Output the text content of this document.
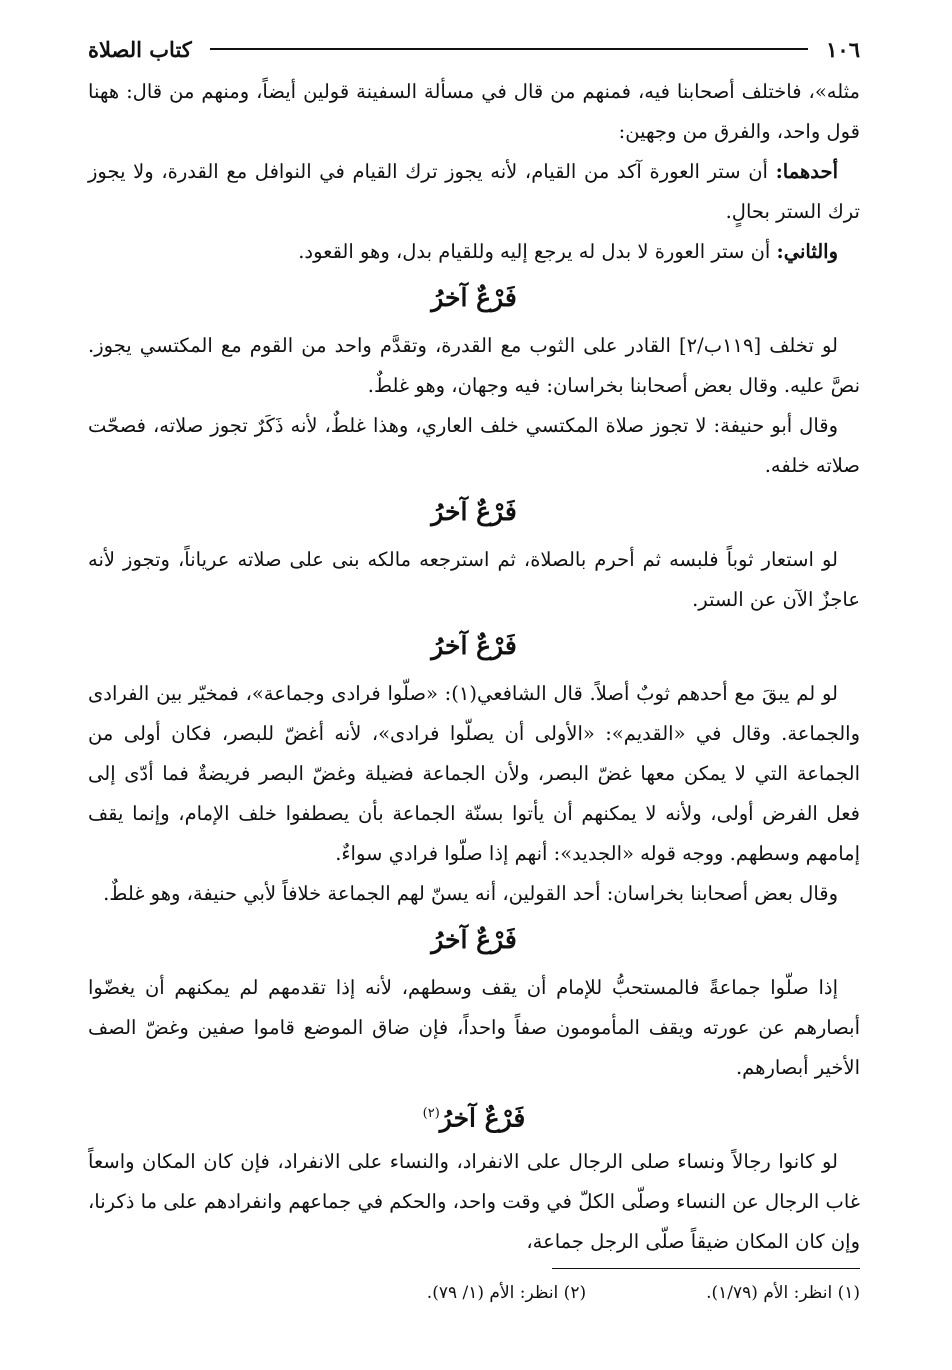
١٠٦
كتاب الصلاة

مثله»، فاختلف أصحابنا فيه، فمنهم من قال في مسألة السفينة قولين أيضاً، ومنهم من قال: ههنا قول واحد، والفرق من وجهين:

أحدهما: أن ستر العورة آكد من القيام، لأنه يجوز ترك القيام في النوافل مع القدرة، ولا يجوز ترك الستر بحالٍ.

والثاني: أن ستر العورة لا بدل له يرجع إليه وللقيام بدل، وهو القعود.

فَرْعٌ آخرُ

لو تخلف [١١٩ب/٢] القادر على الثوب مع القدرة، وتقدَّم واحد من القوم مع المكتسي يجوز. نصَّ عليه. وقال بعض أصحابنا بخراسان: فيه وجهان، وهو غلطٌ.

وقال أبو حنيفة: لا تجوز صلاة المكتسي خلف العاري، وهذا غلطٌ، لأنه ذَكَرٌ تجوز صلاته، فصحّت صلاته خلفه.

فَرْعٌ آخرُ

لو استعار ثوباً فلبسه ثم أحرم بالصلاة، ثم استرجعه مالكه بنى على صلاته عرياناً، وتجوز لأنه عاجزٌ الآن عن الستر.

فَرْعٌ آخرُ

لو لم يبقَ مع أحدهم ثوبٌ أصلاً. قال الشافعي(١): «صلّوا فرادى وجماعة»، فمخيّر بين الفرادى والجماعة. وقال في «القديم»: «الأولى أن يصلّوا فرادى»، لأنه أغضّ للبصر، فكان أولى من الجماعة التي لا يمكن معها غضّ البصر، ولأن الجماعة فضيلة وغضّ البصر فريضةٌ فما أدّى إلى فعل الفرض أولى، ولأنه لا يمكنهم أن يأتوا بسنّة الجماعة بأن يصطفوا خلف الإمام، وإنما يقف إمامهم وسطهم. ووجه قوله «الجديد»: أنهم إذا صلّوا فرادي سواءٌ.

وقال بعض أصحابنا بخراسان: أحد القولين، أنه يسنّ لهم الجماعة خلافاً لأبي حنيفة، وهو غلطٌ.

فَرْعٌ آخرُ

إذا صلّوا جماعةً فالمستحبُّ للإمام أن يقف وسطهم، لأنه إذا تقدمهم لم يمكنهم أن يغضّوا أبصارهم عن عورته ويقف المأمومون صفاً واحداً، فإن ضاق الموضع قاموا صفين وغضّ الصف الأخير أبصارهم.

فَرْعٌ آخرُ$^{(٢)}$

لو كانوا رجالاً ونساء صلى الرجال على الانفراد، والنساء على الانفراد، فإن كان المكان واسعاً غاب الرجال عن النساء وصلّى الكلّ في وقت واحد، والحكم في جماعهم وانفرادهم على ما ذكرنا، وإن كان المكان ضيقاً صلّى الرجل جماعة،

(١) انظر: الأم (١/٧٩).
(٢) انظر: الأم (١/ ٧٩).
